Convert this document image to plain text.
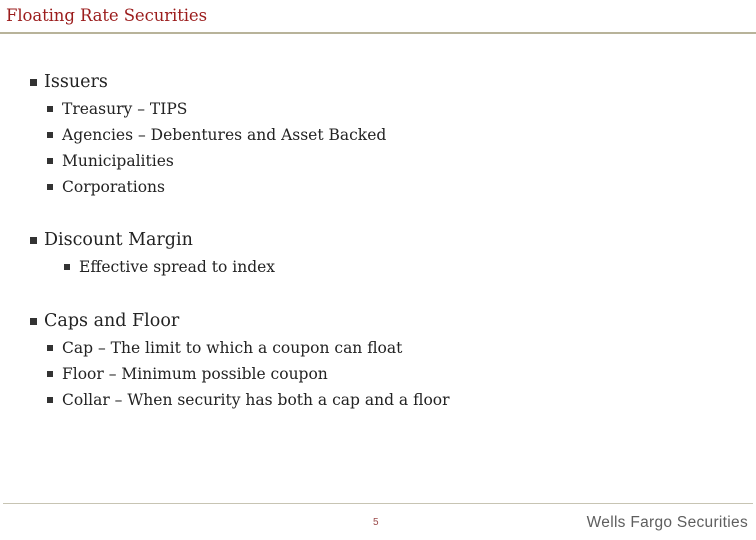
Floating Rate Securities
Issuers
Treasury – TIPS
Agencies – Debentures and Asset Backed
Municipalities
Corporations
Discount Margin
Effective spread to index
Caps and Floor
Cap – The limit to which a coupon can float
Floor – Minimum possible coupon
Collar – When security has both a cap and a floor
5	Wells Fargo Securities
